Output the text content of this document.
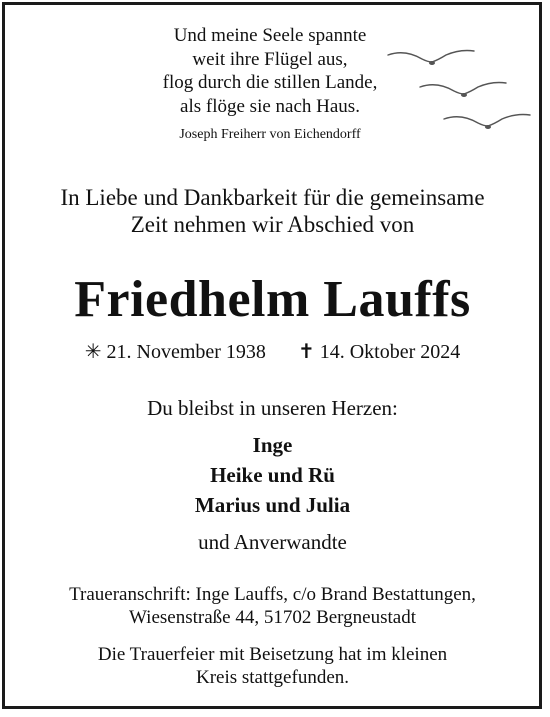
Und meine Seele spannte
weit ihre Flügel aus,
flog durch die stillen Lande,
als flöge sie nach Haus.
Joseph Freiherr von Eichendorff
In Liebe und Dankbarkeit für die gemeinsame
Zeit nehmen wir Abschied von
Friedhelm Lauffs
✳ 21. November 1938 ✝ 14. Oktober 2024
Du bleibst in unseren Herzen:
Inge
Heike und Rü
Marius und Julia
und Anverwandte
Traueranschrift: Inge Lauffs, c/o Brand Bestattungen,
Wiesenstraße 44, 51702 Bergneustadt
Die Trauerfeier mit Beisetzung hat im kleinen
Kreis stattgefunden.
